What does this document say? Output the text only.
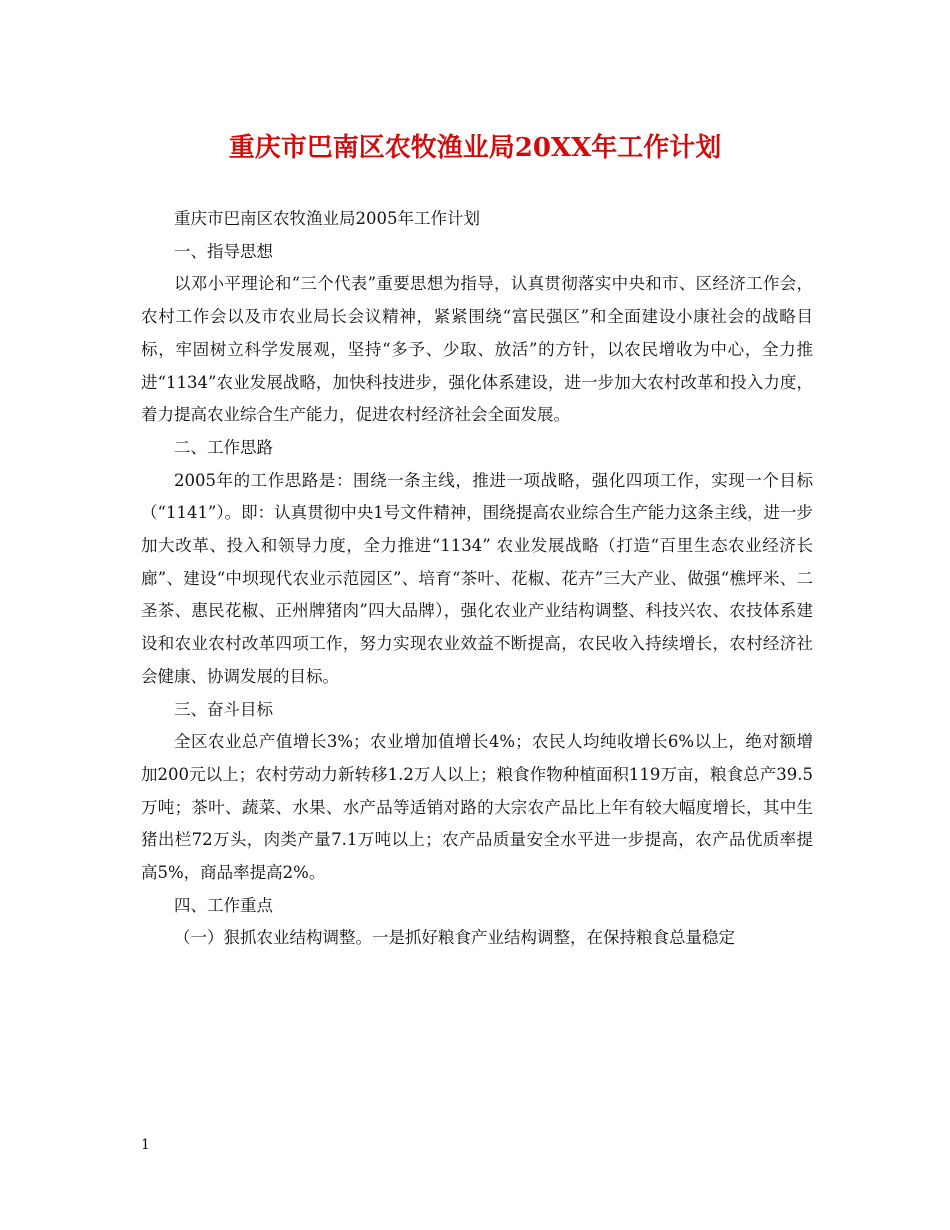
重庆市巴南区农牧渔业局20XX年工作计划

重庆市巴南区农牧渔业局2005年工作计划

一、指导思想

以邓小平理论和“三个代表”重要思想为指导，认真贯彻落实中央和市、区经济工作会，农村工作会以及市农业局长会议精神，紧紧围绕“富民强区”和全面建设小康社会的战略目标，牢固树立科学发展观，坚持“多予、少取、放活”的方针，以农民增收为中心，全力推进“1134”农业发展战略，加快科技进步，强化体系建设，进一步加大农村改革和投入力度，着力提高农业综合生产能力，促进农村经济社会全面发展。

二、工作思路

2005年的工作思路是：围绕一条主线，推进一项战略，强化四项工作，实现一个目标（“1141”）。即：认真贯彻中央1号文件精神，围绕提高农业综合生产能力这条主线，进一步加大改革、投入和领导力度，全力推进“1134” 农业发展战略（打造“百里生态农业经济长廊”、建设“中坝现代农业示范园区”、培育“茶叶、花椒、花卉”三大产业、做强“樵坪米、二圣茶、惠民花椒、正州牌猪肉”四大品牌），强化农业产业结构调整、科技兴农、农技体系建设和农业农村改革四项工作，努力实现农业效益不断提高，农民收入持续增长，农村经济社会健康、协调发展的目标。

三、奋斗目标

全区农业总产值增长3%；农业增加值增长4%；农民人均纯收增长6%以上，绝对额增加200元以上；农村劳动力新转移1.2万人以上；粮食作物种植面积119万亩，粮食总产39.5万吨；茶叶、蔬菜、水果、水产品等适销对路的大宗农产品比上年有较大幅度增长，其中生猪出栏72万头，肉类产量7.1万吨以上；农产品质量安全水平进一步提高，农产品优质率提高5%，商品率提高2%。

四、工作重点

（一）狠抓农业结构调整。一是抓好粮食产业结构调整，在保持粮食总量稳定

1
